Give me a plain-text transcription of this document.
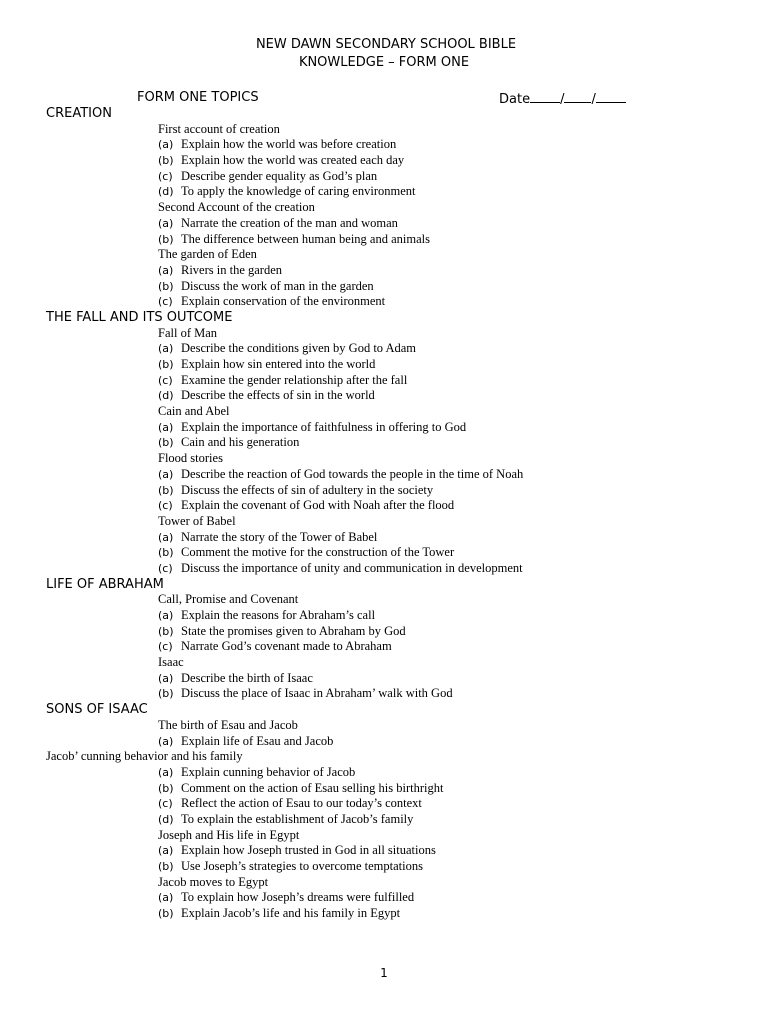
NEW DAWN SECONDARY SCHOOL BIBLE
KNOWLEDGE – FORM ONE
FORM ONE TOPICS	Date / /
CREATION
First account of creation
(a) Explain how the world was before creation
(b) Explain how the world was created each day
(c) Describe gender equality as God’s plan
(d) To apply the knowledge of caring environment
Second Account of the creation
(a) Narrate the creation of the man and woman
(b) The difference between human being and animals
The garden of Eden
(a) Rivers in the garden
(b) Discuss the work of man in the garden
(c) Explain conservation of the environment
THE FALL AND ITS OUTCOME
Fall of Man
(a) Describe the conditions given by God to Adam
(b) Explain how sin entered into the world
(c) Examine the gender relationship after the fall
(d) Describe the effects of sin in the world
Cain and Abel
(a) Explain the importance of faithfulness in offering to God
(b) Cain and his generation
Flood stories
(a) Describe the reaction of God towards the people in the time of Noah
(b) Discuss the effects of sin of adultery in the society
(c) Explain the covenant of God with Noah after the flood
Tower of Babel
(a) Narrate the story of the Tower of Babel
(b) Comment the motive for the construction of the Tower
(c) Discuss the importance of unity and communication in development
LIFE OF ABRAHAM
Call, Promise and Covenant
(a) Explain the reasons for Abraham’s call
(b) State the promises given to Abraham by God
(c) Narrate God’s covenant made to Abraham
Isaac
(a) Describe the birth of Isaac
(b) Discuss the place of Isaac in Abraham’ walk with God
SONS OF ISAAC
The birth of Esau and Jacob
(a) Explain life of Esau and Jacob
Jacob’ cunning behavior and his family
(a) Explain cunning behavior of Jacob
(b) Comment on the action of Esau selling his birthright
(c) Reflect the action of Esau to our today’s context
(d) To explain the establishment of Jacob’s family
Joseph and His life in Egypt
(a) Explain how Joseph trusted in God in all situations
(b) Use Joseph’s strategies to overcome temptations
Jacob moves to Egypt
(a) To explain how Joseph’s dreams were fulfilled
(b) Explain Jacob’s life and his family in Egypt
1
